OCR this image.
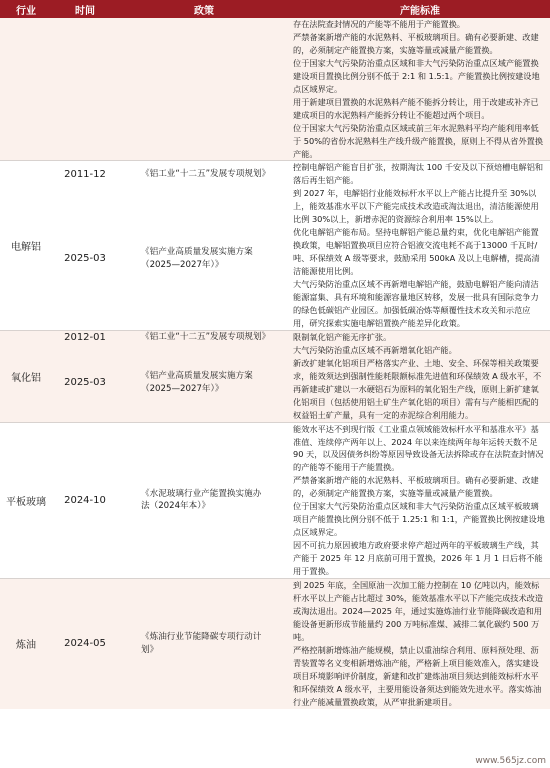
行业	时间	政策	产能标准

			存在法院查封情况的产能等不能用于产能置换。

严禁备案新增产能的水泥熟料、平板玻璃项目。确有必要新建、改建的，必须制定产能置换方案，实施等量或减量产能置换。

位于国家大气污染防治重点区域和非大气污染防治重点区域产能置换建设项目置换比例分别不低于 2:1 和 1.5:1。产能置换比例按建设地点区域界定。

用于新建项目置换的水泥熟料产能不能拆分转让，用于改建或补齐已建成项目的水泥熟料产能拆分转让不能超过两个项目。

位于国家大气污染防治重点区域或前三年水泥熟料平均产能利用率低于 50%的省份水泥熟料生产线升级产能置换，原则上不得从省外置换产能。

电解铝	2011-12	《铝工业“十二五”发展专项规划》	控制电解铝产能盲目扩张，按期淘汰 100 千安及以下预焙槽电解铝和落后再生铝产能。

	2025-03	《铝产业高质量发展实施方案（2025—2027年）》	到 2027 年，电解铝行业能效标杆水平以上产能占比提升至 30%以上，能效基准水平以下产能完成技术改造或淘汰退出，清洁能源使用比例 30%以上，新增赤泥的资源综合利用率 15%以上。

优化电解铝产能布局。坚持电解铝产能总量约束，优化电解铝产能置换政策，电解铝置换项目应符合铝液交流电耗不高于13000 千瓦时/吨、环保绩效 A 级等要求，鼓励采用 500kA 及以上电解槽，提高清洁能源使用比例。

大气污染防治重点区域不再新增电解铝产能，鼓励电解铝产能向清洁能源富集、具有环境和能源容量地区转移，发展一批具有国际竞争力的绿色低碳铝产业园区。加强低碳冶炼等颠覆性技术攻关和示范应用，研究探索实施电解铝置换产能差异化政策。

氧化铝	2012-01	《铝工业“十二五”发展专项规划》	限制氧化铝产能无序扩张。

	2025-03	《铝产业高质量发展实施方案（2025—2027年）》	大气污染防治重点区域不再新增氧化铝产能。

新改扩建氧化铝项目严格落实产业、土地、安全、环保等相关政策要求，能效须达到强制性能耗限额标准先进值和环保绩效 A 级水平，不再新建或扩建以一水硬铝石为原料的氧化铝生产线，原则上新扩建氧化铝项目（包括使用铝土矿生产氧化铝的项目）需有与产能相匹配的权益铝土矿产量，具有一定的赤泥综合利用能力。

平板玻璃	2024-10	《水泥玻璃行业产能置换实施办法（2024年本）》	能效水平达不到现行版《工业重点领域能效标杆水平和基准水平》基准值、连续停产两年以上、2024 年以来连续两年每年运转天数不足 90 天，以及因债务纠纷等原因导致设备无法拆除或存在法院查封情况的产能等不能用于产能置换。

严禁备案新增产能的水泥熟料、平板玻璃项目。确有必要新建、改建的，必须制定产能置换方案，实施等量或减量产能置换。

位于国家大气污染防治重点区域和非大气污染防治重点区域平板玻璃项目产能置换比例分别不低于 1.25:1 和 1:1，产能置换比例按建设地点区域界定。

因不可抗力原因被地方政府要求停产超过两年的平板玻璃生产线，其产能于 2025 年 12 月底前可用于置换，2026 年 1 月 1 日后将不能用于置换。

炼油	2024-05	《炼油行业节能降碳专项行动计划》	到 2025 年底，全国原油一次加工能力控制在 10 亿吨以内，能效标杆水平以上产能占比超过 30%，能效基准水平以下产能完成技术改造或淘汰退出。2024—2025 年，通过实施炼油行业节能降碳改造和用能设备更新形成节能量约 200 万吨标准煤、减排二氧化碳约 500 万吨。

严格控制新增炼油产能规模，禁止以重油综合利用、原料预处理、沥青装置等名义变相新增炼油产能，严格新上项目能效准入，落实建设项目环境影响评价制度，新建和改扩建炼油项目须达到能效标杆水平和环保绩效 A 级水平，主要用能设备须达到能效先进水平。落实炼油行业产能减量置换政策，从严审批新建项目。

www.565jz.com
